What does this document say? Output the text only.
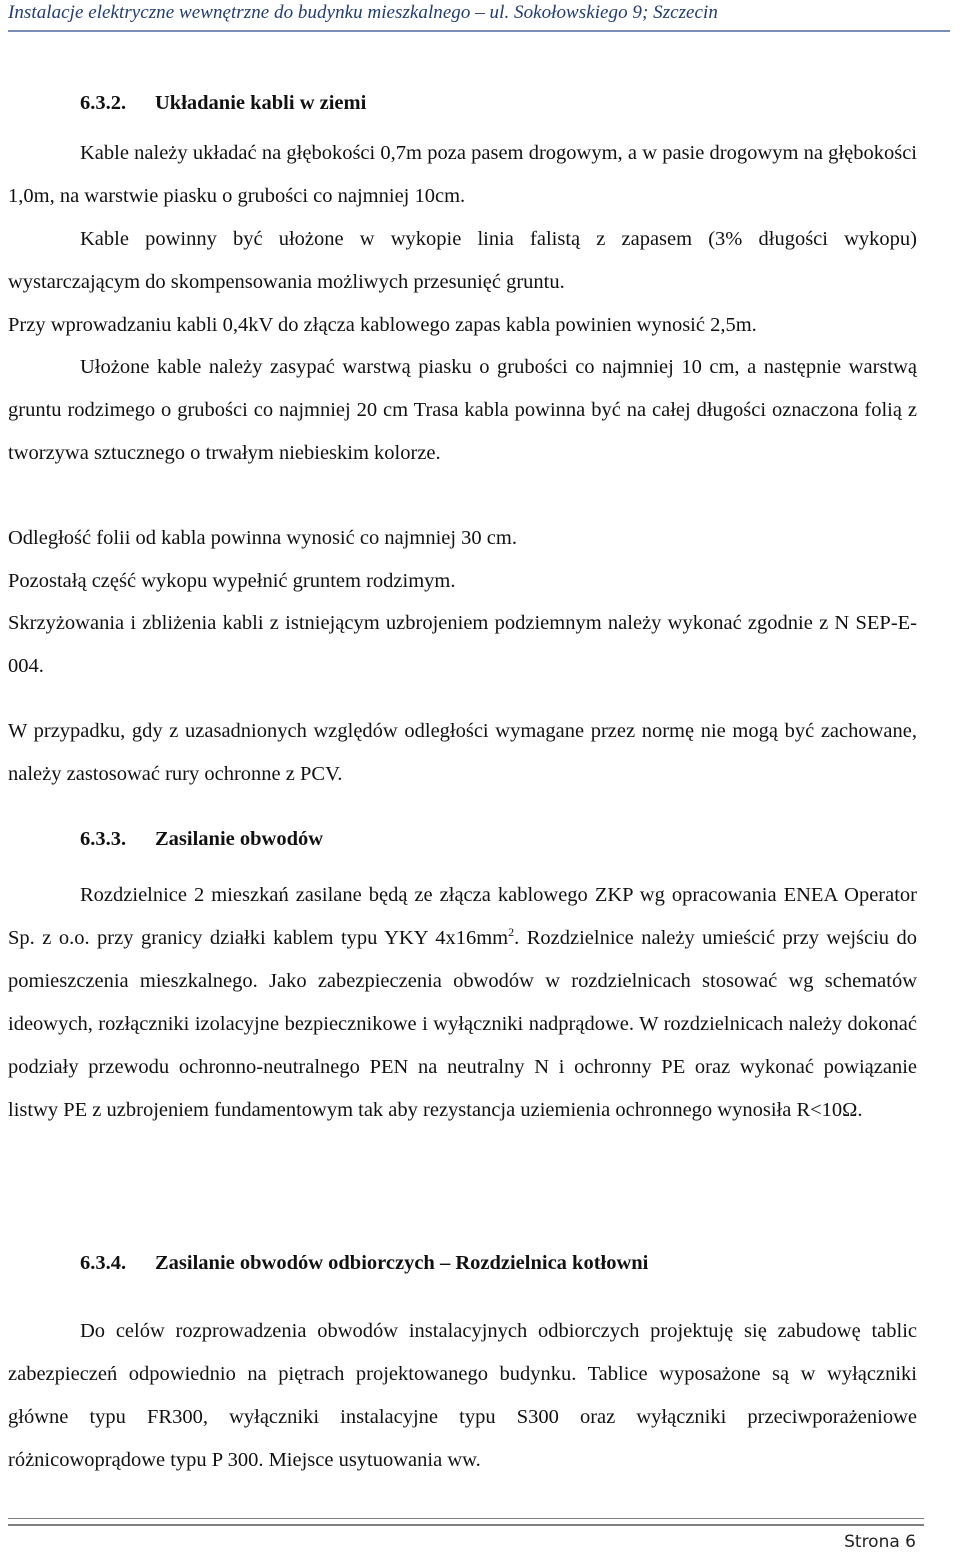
Instalacje elektryczne wewnętrzne do budynku mieszkalnego – ul. Sokołowskiego 9; Szczecin

6.3.2. Układanie kabli w ziemi

Kable należy układać na głębokości 0,7m poza pasem drogowym, a w pasie drogowym na głębokości 1,0m, na warstwie piasku o grubości co najmniej 10cm.

Kable powinny być ułożone w wykopie linia falistą z zapasem (3% długości wykopu) wystarczającym do skompensowania możliwych przesunięć gruntu.

Przy wprowadzaniu kabli 0,4kV do złącza kablowego zapas kabla powinien wynosić 2,5m.

Ułożone kable należy zasypać warstwą piasku o grubości co najmniej 10 cm, a następnie warstwą gruntu rodzimego o grubości co najmniej 20 cm Trasa kabla powinna być na całej długości oznaczona folią z tworzywa sztucznego o trwałym niebieskim kolorze.

Odległość folii od kabla powinna wynosić co najmniej 30 cm.

Pozostałą część wykopu wypełnić gruntem rodzimym.

Skrzyżowania i zbliżenia kabli z istniejącym uzbrojeniem podziemnym należy wykonać zgodnie z N SEP-E-004.

W przypadku, gdy z uzasadnionych względów odległości wymagane przez normę nie mogą być zachowane, należy zastosować rury ochronne z PCV.

6.3.3. Zasilanie obwodów

Rozdzielnice 2 mieszkań zasilane będą ze złącza kablowego ZKP wg opracowania ENEA Operator Sp. z o.o. przy granicy działki kablem typu YKY $4x16mm^2$. Rozdzielnice należy umieścić przy wejściu do pomieszczenia mieszkalnego. Jako zabezpieczenia obwodów w rozdzielnicach stosować wg schematów ideowych, rozłączniki izolacyjne bezpiecznikowe i wyłączniki nadprądowe. W rozdzielnicach należy dokonać podziały przewodu ochronno-neutralnego PEN na neutralny N i ochronny PE oraz wykonać powiązanie listwy PE z uzbrojeniem fundamentowym tak aby rezystancja uziemienia ochronnego wynosiła R<10Ω.

6.3.4. Zasilanie obwodów odbiorczych – Rozdzielnica kotłowni

Do celów rozprowadzenia obwodów instalacyjnych odbiorczych projektuję się zabudowę tablic zabezpieczeń odpowiednio na piętrach projektowanego budynku. Tablice wyposażone są w wyłączniki główne typu FR300, wyłączniki instalacyjne typu S300 oraz wyłączniki przeciwporażeniowe różnicowoprądowe typu P 300. Miejsce usytuowania ww.

Strona 6
